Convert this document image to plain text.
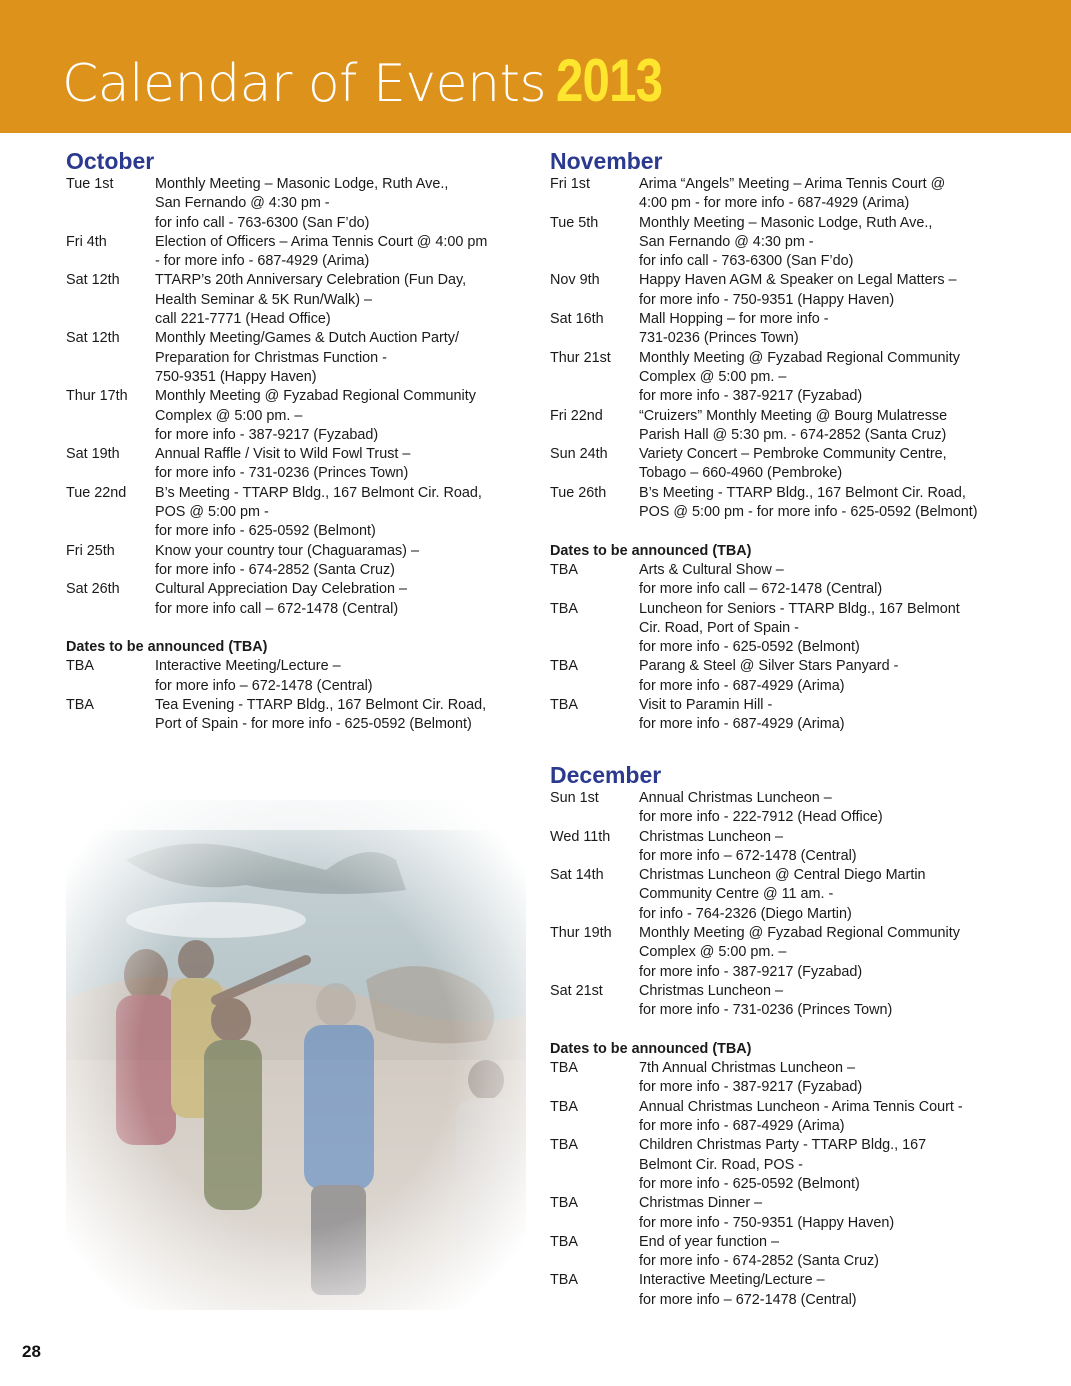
Calendar of Events 2013
October
Tue 1st	Monthly Meeting – Masonic Lodge, Ruth Ave.,
San Fernando @ 4:30 pm -
for info call - 763-6300 (San F’do)
Fri 4th	Election of Officers – Arima Tennis Court @ 4:00 pm
- for more info - 687-4929 (Arima)
Sat 12th	TTARP’s 20th Anniversary Celebration (Fun Day,
Health Seminar & 5K Run/Walk) –
call 221-7771 (Head Office)
Sat 12th	Monthly Meeting/Games & Dutch Auction Party/
Preparation for Christmas Function -
750-9351 (Happy Haven)
Thur 17th	Monthly Meeting @ Fyzabad Regional Community
Complex @ 5:00 pm. –
for more info - 387-9217 (Fyzabad)
Sat 19th	Annual Raffle / Visit to Wild Fowl Trust –
for more info - 731-0236 (Princes Town)
Tue 22nd	B’s Meeting - TTARP Bldg., 167 Belmont Cir. Road,
POS @ 5:00 pm -
for more info - 625-0592 (Belmont)
Fri 25th	Know your country tour (Chaguaramas) –
for more info - 674-2852 (Santa Cruz)
Sat 26th	Cultural Appreciation Day Celebration –
for more info call – 672-1478 (Central)
Dates to be announced (TBA)
TBA	Interactive Meeting/Lecture –
for more info – 672-1478 (Central)
TBA	Tea Evening - TTARP Bldg., 167 Belmont Cir. Road,
Port of Spain - for more info - 625-0592 (Belmont)
November
Fri 1st	Arima “Angels” Meeting – Arima Tennis Court @
4:00 pm - for more info - 687-4929 (Arima)
Tue 5th	Monthly Meeting – Masonic Lodge, Ruth Ave.,
San Fernando @ 4:30 pm -
for info call - 763-6300 (San F’do)
Nov 9th	Happy Haven AGM & Speaker on Legal Matters –
for more info - 750-9351 (Happy Haven)
Sat 16th	Mall Hopping – for more info -
731-0236 (Princes Town)
Thur 21st	Monthly Meeting @ Fyzabad Regional Community
Complex @ 5:00 pm. –
for more info - 387-9217 (Fyzabad)
Fri 22nd	“Cruizers” Monthly Meeting @ Bourg Mulatresse
Parish Hall @ 5:30 pm. - 674-2852 (Santa Cruz)
Sun 24th	Variety Concert – Pembroke Community Centre,
Tobago – 660-4960 (Pembroke)
Tue 26th	B’s Meeting - TTARP Bldg., 167 Belmont Cir. Road,
POS @ 5:00 pm - for more info - 625-0592 (Belmont)
Dates to be announced (TBA)
TBA	Arts & Cultural Show –
for more info call – 672-1478 (Central)
TBA	Luncheon for Seniors - TTARP Bldg., 167 Belmont
Cir. Road, Port of Spain -
for more info - 625-0592 (Belmont)
TBA	Parang & Steel @ Silver Stars Panyard -
for more info - 687-4929 (Arima)
TBA	Visit to Paramin Hill -
for more info - 687-4929 (Arima)
December
Sun 1st	Annual Christmas Luncheon –
for more info - 222-7912 (Head Office)
Wed 11th	Christmas Luncheon –
for more info – 672-1478 (Central)
Sat 14th	Christmas Luncheon @ Central Diego Martin
Community Centre @ 11 am. -
for info - 764-2326 (Diego Martin)
Thur 19th	Monthly Meeting @ Fyzabad Regional Community
Complex @ 5:00 pm. –
for more info - 387-9217 (Fyzabad)
Sat 21st	Christmas Luncheon –
for more info - 731-0236 (Princes Town)
Dates to be announced (TBA)
TBA	7th Annual Christmas Luncheon –
for more info - 387-9217 (Fyzabad)
TBA	Annual Christmas Luncheon - Arima Tennis Court -
for more info - 687-4929 (Arima)
TBA	Children Christmas Party - TTARP Bldg., 167
Belmont Cir. Road, POS -
for more info - 625-0592 (Belmont)
TBA	Christmas Dinner –
for more info - 750-9351 (Happy Haven)
TBA	End of year function –
for more info - 674-2852 (Santa Cruz)
TBA	Interactive Meeting/Lecture –
for more info – 672-1478 (Central)
28
